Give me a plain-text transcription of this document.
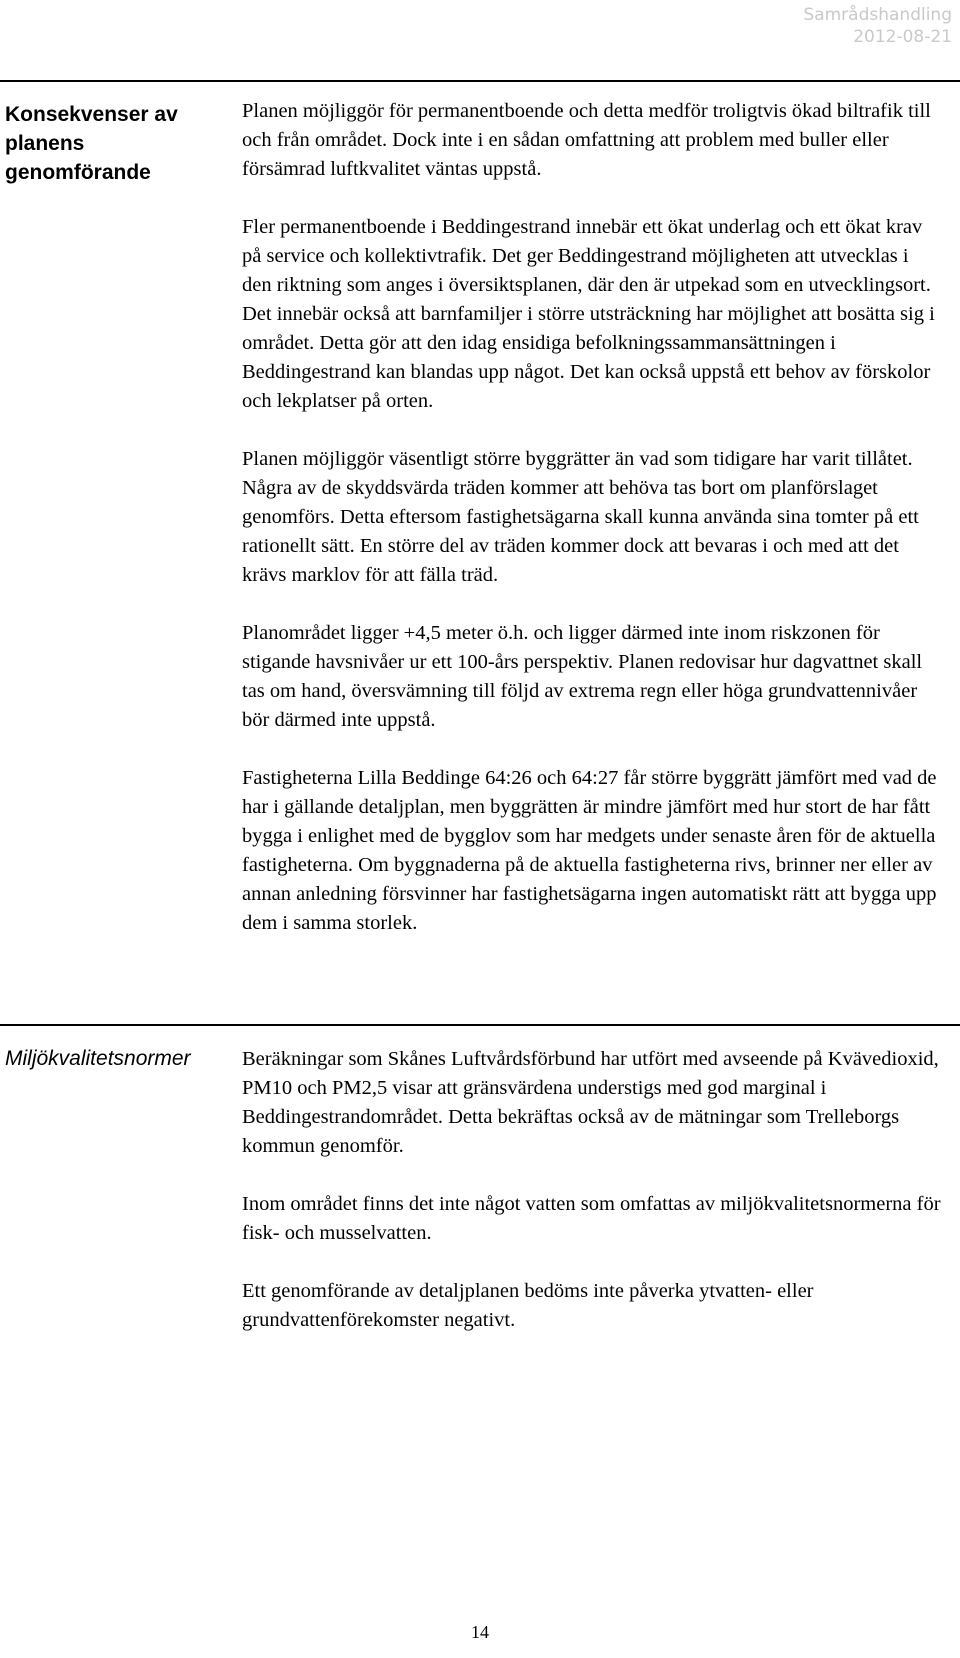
Samrådshandling
2012-08-21
Konsekvenser av planens genomförande

Planen möjliggör för permanentboende och detta medför troligtvis ökad biltrafik till och från området. Dock inte i en sådan omfattning att problem med buller eller försämrad luftkvalitet väntas uppstå.

Fler permanentboende i Beddingestrand innebär ett ökat underlag och ett ökat krav på service och kollektivtrafik. Det ger Beddingestrand möjligheten att utvecklas i den riktning som anges i översiktsplanen, där den är utpekad som en utvecklingsort. Det innebär också att barnfamiljer i större utsträckning har möjlighet att bosätta sig i området. Detta gör att den idag ensidiga befolkningssammansättningen i Beddingestrand kan blandas upp något. Det kan också uppstå ett behov av förskolor och lekplatser på orten.

Planen möjliggör väsentligt större byggrätter än vad som tidigare har varit tillåtet. Några av de skyddsvärda träden kommer att behöva tas bort om planförslaget genomförs. Detta eftersom fastighetsägarna skall kunna använda sina tomter på ett rationellt sätt. En större del av träden kommer dock att bevaras i och med att det krävs marklov för att fälla träd.

Planområdet ligger +4,5 meter ö.h. och ligger därmed inte inom riskzonen för stigande havsnivåer ur ett 100-års perspektiv. Planen redovisar hur dagvattnet skall tas om hand, översvämning till följd av extrema regn eller höga grundvattennivåer bör därmed inte uppstå.

Fastigheterna Lilla Beddinge 64:26 och 64:27 får större byggrätt jämfört med vad de har i gällande detaljplan, men byggrätten är mindre jämfört med hur stort de har fått bygga i enlighet med de bygglov som har medgets under senaste åren för de aktuella fastigheterna. Om byggnaderna på de aktuella fastigheterna rivs, brinner ner eller av annan anledning försvinner har fastighetsägarna ingen automatiskt rätt att bygga upp dem i samma storlek.

Miljökvalitetsnormer	Beräkningar som Skånes Luftvårdsförbund har utfört med avseende på Kvävedioxid, PM10 och PM2,5 visar att gränsvärdena understigs med god marginal i Beddingestrandområdet. Detta bekräftas också av de mätningar som Trelleborgs kommun genomför.

Inom området finns det inte något vatten som omfattas av miljökvalitetsnormerna för fisk- och musselvatten.

Ett genomförande av detaljplanen bedöms inte påverka ytvatten- eller grundvattenförekomster negativt.

14
